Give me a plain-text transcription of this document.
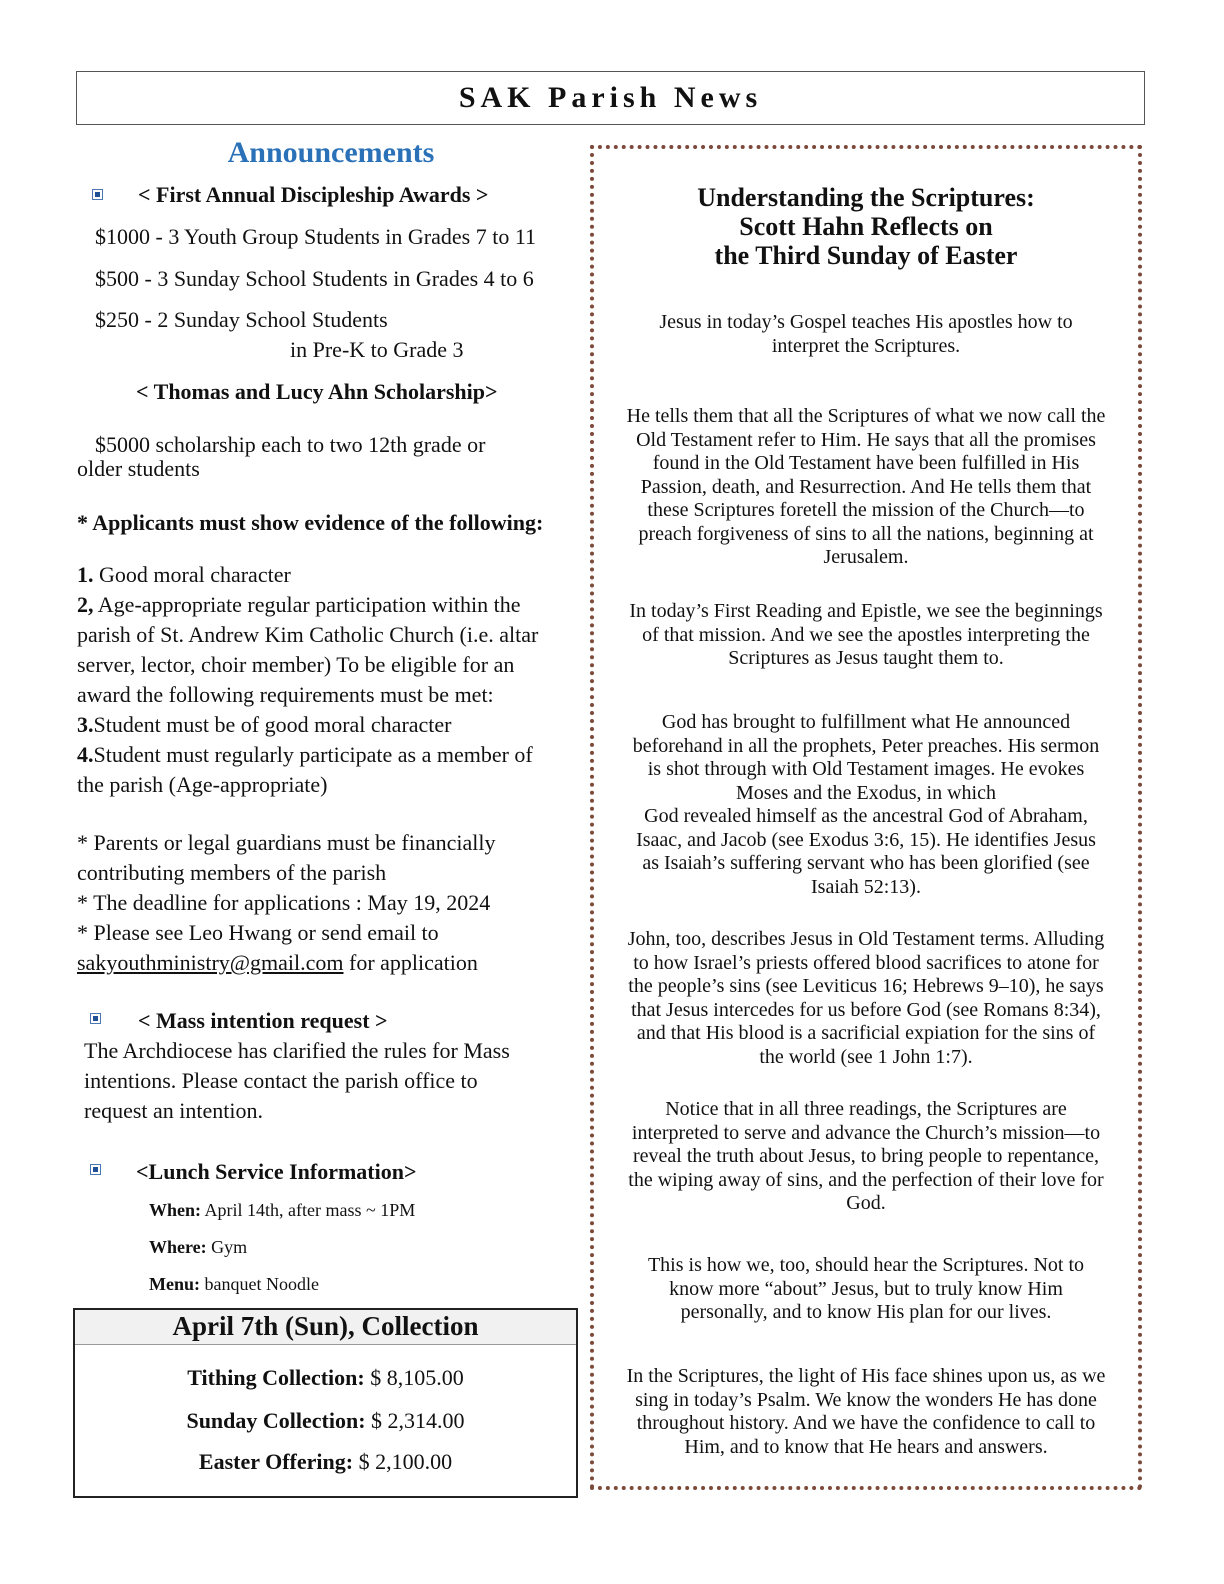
SAK Parish News
Announcements
< First Annual Discipleship Awards >
$1000 - 3 Youth Group Students in Grades 7 to 11
$500 - 3 Sunday School Students in Grades 4 to 6
$250 - 2 Sunday School Students
in Pre-K to Grade 3
< Thomas and Lucy Ahn Scholarship>
$5000 scholarship each to two 12th grade or
older students
* Applicants must show evidence of the following:
1. Good moral character
2, Age-appropriate regular participation within the
parish of St. Andrew Kim Catholic Church (i.e. altar
server, lector, choir member) To be eligible for an
award the following requirements must be met:
3.Student must be of good moral character
4.Student must regularly participate as a member of
the parish (Age-appropriate)
* Parents or legal guardians must be financially
contributing members of the parish
* The deadline for applications : May 19, 2024
* Please see Leo Hwang or send email to
sakyouthministry@gmail.com for application
< Mass intention request >
The Archdiocese has clarified the rules for Mass
intentions. Please contact the parish office to
request an intention.
<Lunch Service Information>
When: April 14th, after mass ~ 1PM
Where: Gym
Menu: banquet Noodle
April 7th (Sun), Collection
Tithing Collection: $ 8,105.00
Sunday Collection: $ 2,314.00
Easter Offering: $ 2,100.00
Understanding the Scriptures:
Scott Hahn Reflects on
the Third Sunday of Easter
Jesus in today’s Gospel teaches His apostles how to
interpret the Scriptures.
He tells them that all the Scriptures of what we now call the
Old Testament refer to Him. He says that all the promises
found in the Old Testament have been fulfilled in His
Passion, death, and Resurrection. And He tells them that
these Scriptures foretell the mission of the Church—to
preach forgiveness of sins to all the nations, beginning at
Jerusalem.
In today’s First Reading and Epistle, we see the beginnings
of that mission. And we see the apostles interpreting the
Scriptures as Jesus taught them to.
God has brought to fulfillment what He announced
beforehand in all the prophets, Peter preaches. His sermon
is shot through with Old Testament images. He evokes
Moses and the Exodus, in which
God revealed himself as the ancestral God of Abraham,
Isaac, and Jacob (see Exodus 3:6, 15). He identifies Jesus
as Isaiah’s suffering servant who has been glorified (see
Isaiah 52:13).
John, too, describes Jesus in Old Testament terms. Alluding
to how Israel’s priests offered blood sacrifices to atone for
the people’s sins (see Leviticus 16; Hebrews 9–10), he says
that Jesus intercedes for us before God (see Romans 8:34),
and that His blood is a sacrificial expiation for the sins of
the world (see 1 John 1:7).
Notice that in all three readings, the Scriptures are
interpreted to serve and advance the Church’s mission—to
reveal the truth about Jesus, to bring people to repentance,
the wiping away of sins, and the perfection of their love for
God.
This is how we, too, should hear the Scriptures. Not to
know more “about” Jesus, but to truly know Him
personally, and to know His plan for our lives.
In the Scriptures, the light of His face shines upon us, as we
sing in today’s Psalm. We know the wonders He has done
throughout history. And we have the confidence to call to
Him, and to know that He hears and answers.
